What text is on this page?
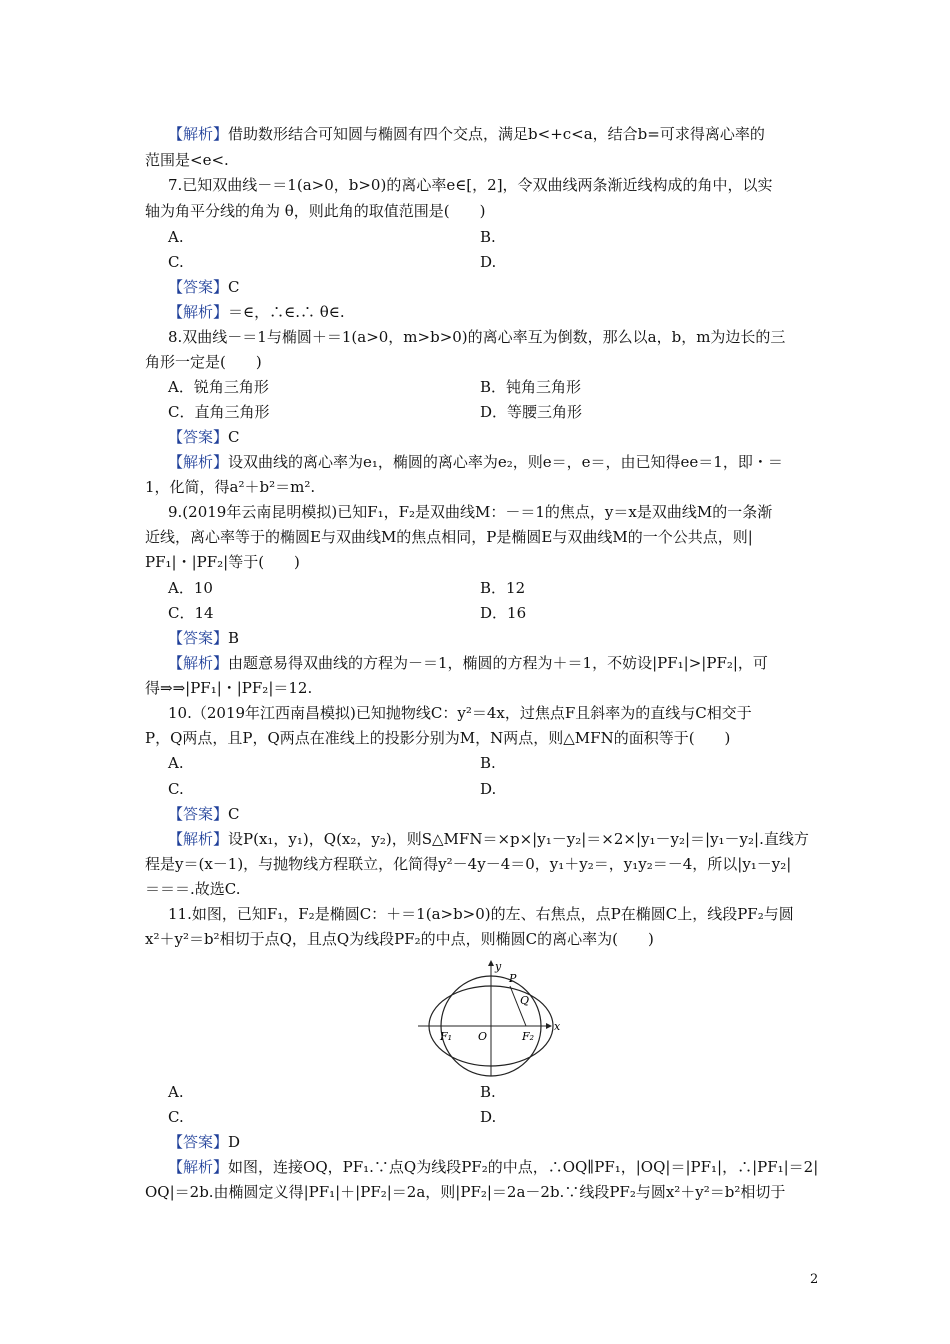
【解析】借助数形结合可知圆与椭圆有四个交点，满足b<+c<a，结合b=可求得离心率的
范围是<e<.
7.已知双曲线－＝1(a>0，b>0)的离心率e∈[，2]，令双曲线两条渐近线构成的角中，以实
轴为角平分线的角为 θ，则此角的取值范围是(　　)
A.	B.
C.	D.
【答案】C
【解析】＝∈，∴∈.∴ θ∈.
8.双曲线－＝1与椭圆＋＝1(a>0，m>b>0)的离心率互为倒数，那么以a，b，m为边长的三
角形一定是(　　)
A．锐角三角形	B．钝角三角形
C．直角三角形	D．等腰三角形
【答案】C
【解析】设双曲线的离心率为e₁，椭圆的离心率为e₂，则e＝，e＝，由已知得ee＝1，即・＝
1，化简，得a²＋b²＝m².
9.(2019年云南昆明模拟)已知F₁，F₂是双曲线M：－＝1的焦点，y＝x是双曲线M的一条渐
近线，离心率等于的椭圆E与双曲线M的焦点相同，P是椭圆E与双曲线M的一个公共点，则|
PF₁|・|PF₂|等于(　　)
A．10	B．12
C．14	D．16
【答案】B
【解析】由题意易得双曲线的方程为－＝1，椭圆的方程为＋＝1，不妨设|PF₁|>|PF₂|，可
得⇒⇒|PF₁|・|PF₂|＝12.
10.（2019年江西南昌模拟)已知抛物线C：y²＝4x，过焦点F且斜率为的直线与C相交于
P，Q两点，且P，Q两点在准线上的投影分别为M，N两点，则△MFN的面积等于(　　)
A.	B.
C.	D.
【答案】C
【解析】设P(x₁，y₁)，Q(x₂，y₂)，则S△MFN＝×p×|y₁－y₂|＝×2×|y₁－y₂|＝|y₁－y₂|.直线方
程是y＝(x－1)，与抛物线方程联立，化简得y²－4y－4＝0，y₁＋y₂＝，y₁y₂＝－4，所以|y₁－y₂|
＝＝＝.故选C.
11.如图，已知F₁，F₂是椭圆C：＋＝1(a>b>0)的左、右焦点，点P在椭圆C上，线段PF₂与圆
x²＋y²＝b²相切于点Q，且点Q为线段PF₂的中点，则椭圆C的离心率为(　　)
y
x
P
Q
O
F₁	F₂
A.	B.
C.	D.
【答案】D
【解析】如图，连接OQ，PF₁.∵点Q为线段PF₂的中点，∴OQ∥PF₁，|OQ|＝|PF₁|，∴|PF₁|＝2|
OQ|＝2b.由椭圆定义得|PF₁|＋|PF₂|＝2a，则|PF₂|＝2a－2b.∵线段PF₂与圆x²＋y²＝b²相切于
2
